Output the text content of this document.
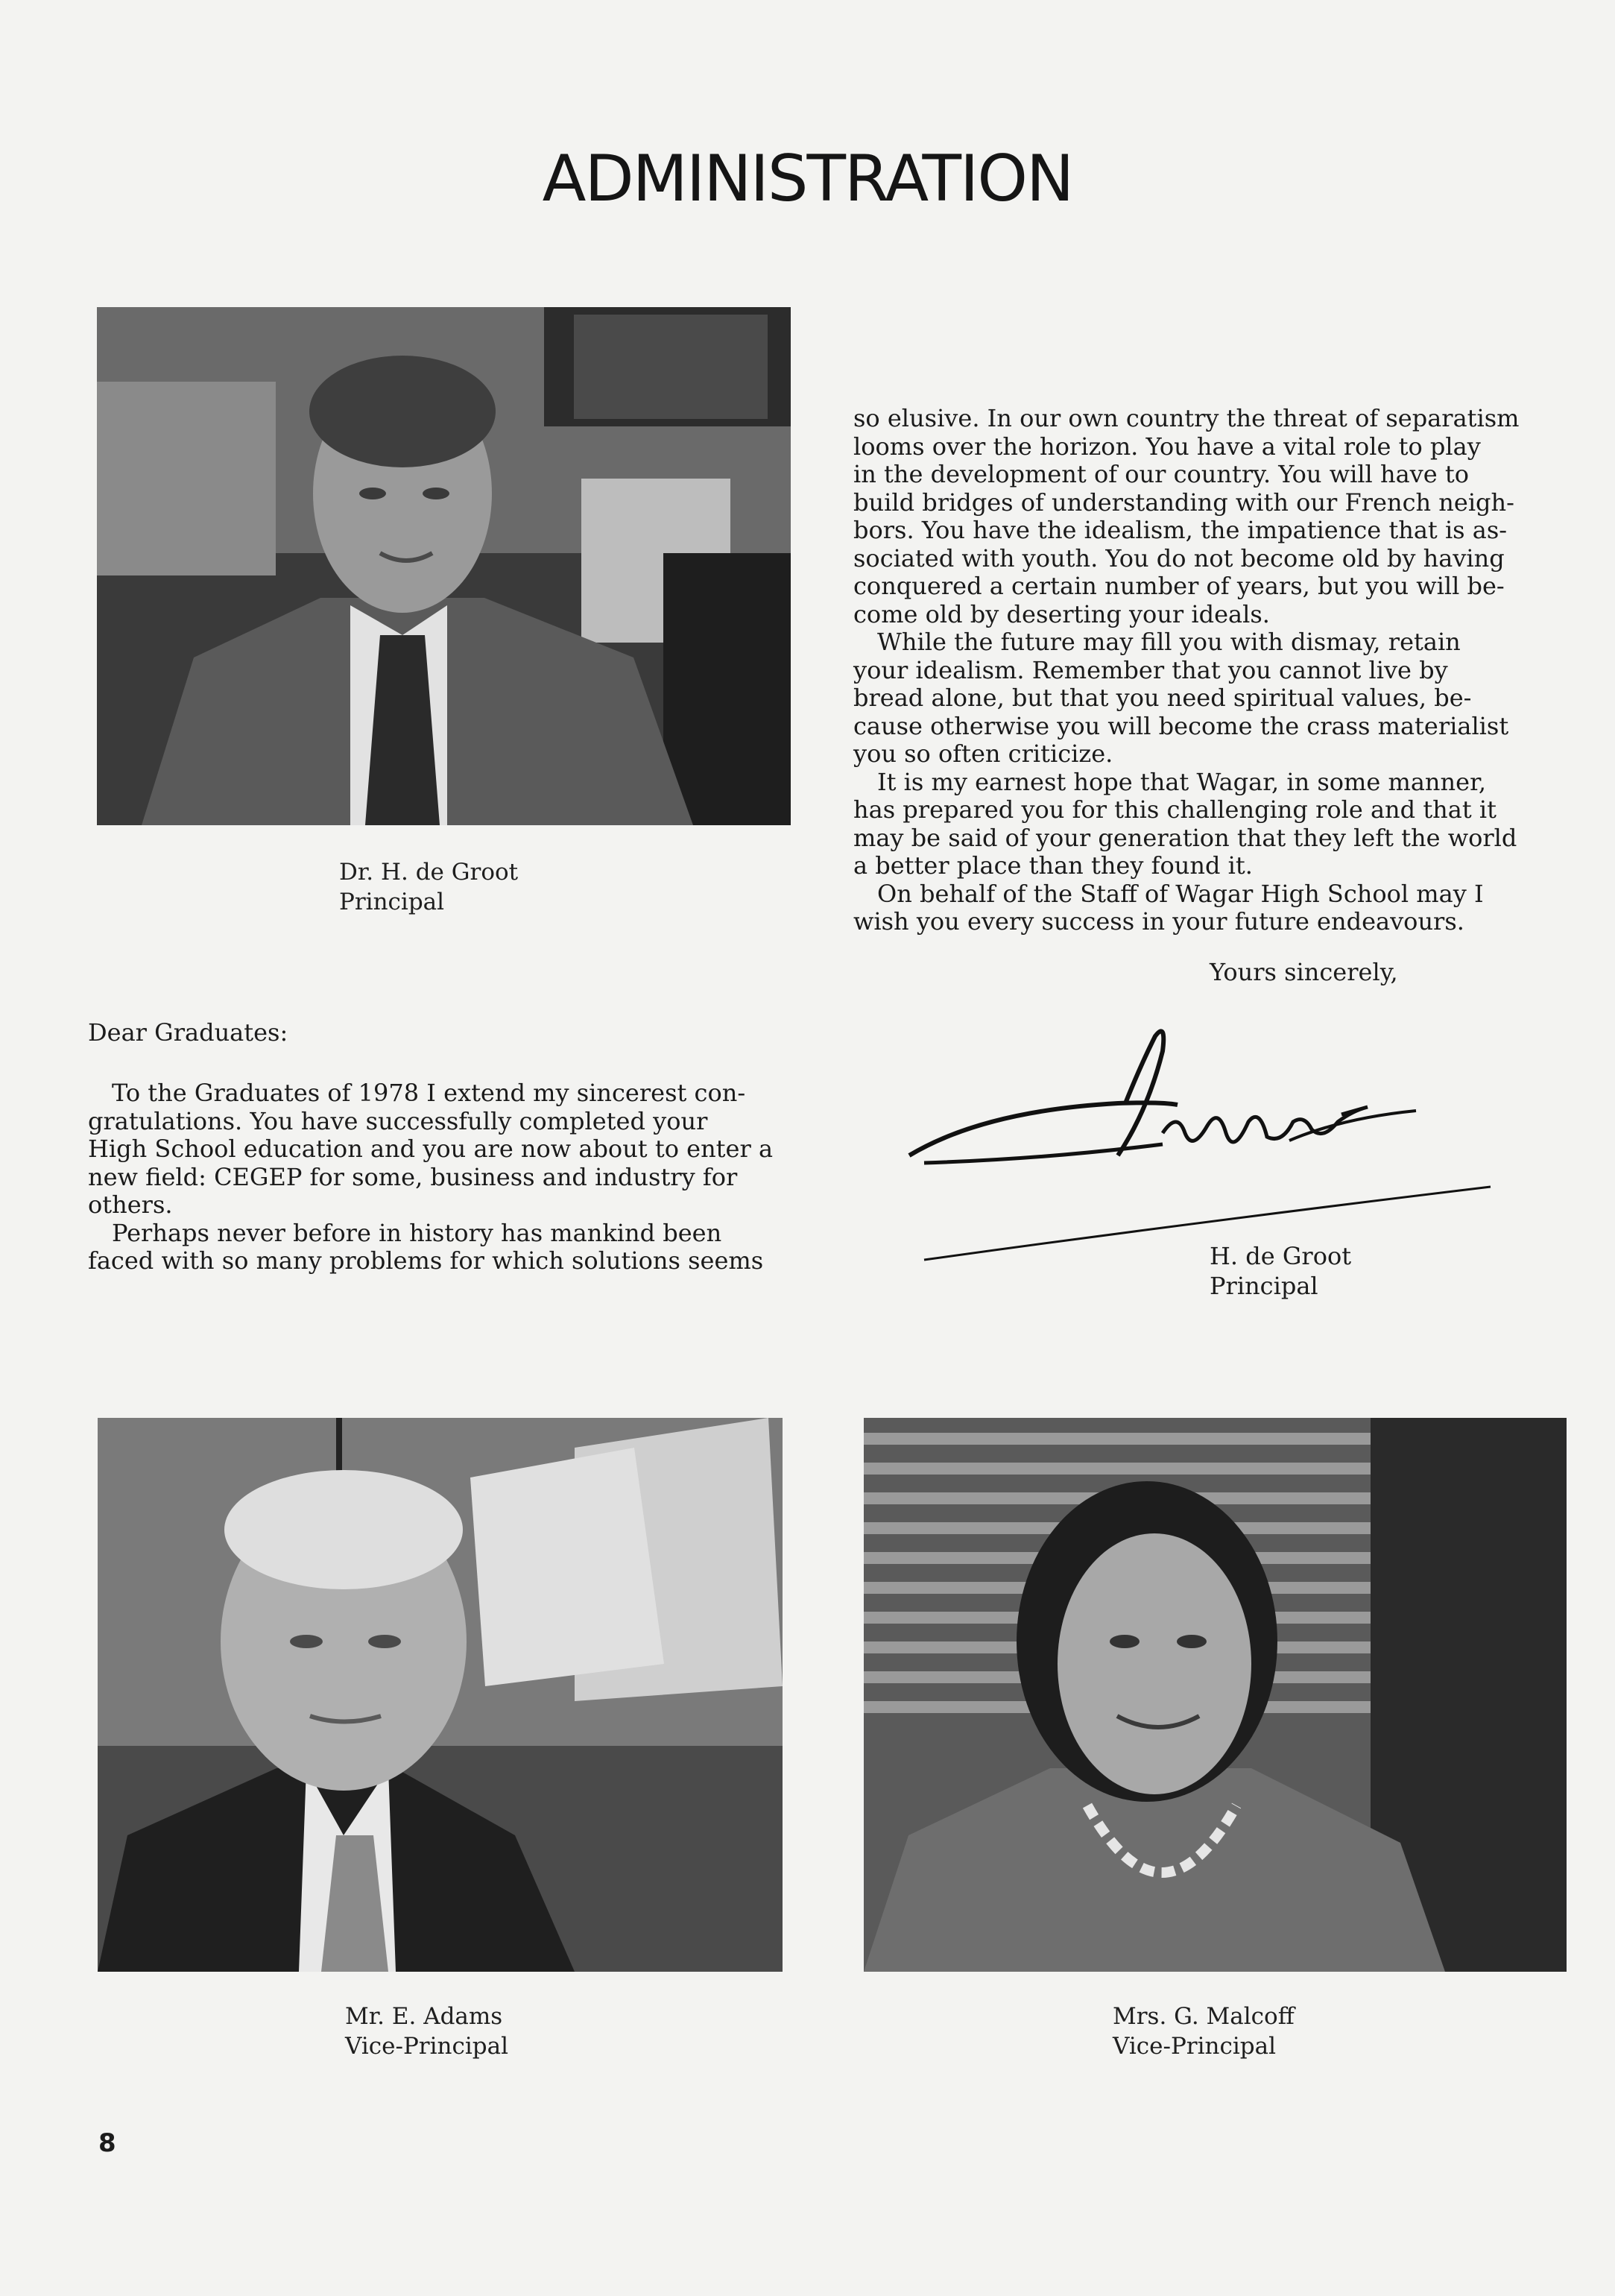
ADMINISTRATION
Dr. H. de Groot
Principal
so elusive. In our own country the threat of separatism
looms over the horizon. You have a vital role to play
in the development of our country. You will have to
build bridges of understanding with our French neigh-
bors. You have the idealism, the impatience that is as-
sociated with youth. You do not become old by having
conquered a certain number of years, but you will be-
come old by deserting your ideals.
While the future may fill you with dismay, retain
your idealism. Remember that you cannot live by
bread alone, but that you need spiritual values, be-
cause otherwise you will become the crass materialist
you so often criticize.
It is my earnest hope that Wagar, in some manner,
has prepared you for this challenging role and that it
may be said of your generation that they left the world
a better place than they found it.
On behalf of the Staff of Wagar High School may I
wish you every success in your future endeavours.
Yours sincerely,
Dear Graduates:
To the Graduates of 1978 I extend my sincerest con-
gratulations. You have successfully completed your
High School education and you are now about to enter a
new field: CEGEP for some, business and industry for
others.
Perhaps never before in history has mankind been
faced with so many problems for which solutions seems	H. de Groot
Principal
Mr. E. Adams
Vice-Principal
Mrs. G. Malcoff
Vice-Principal
8
